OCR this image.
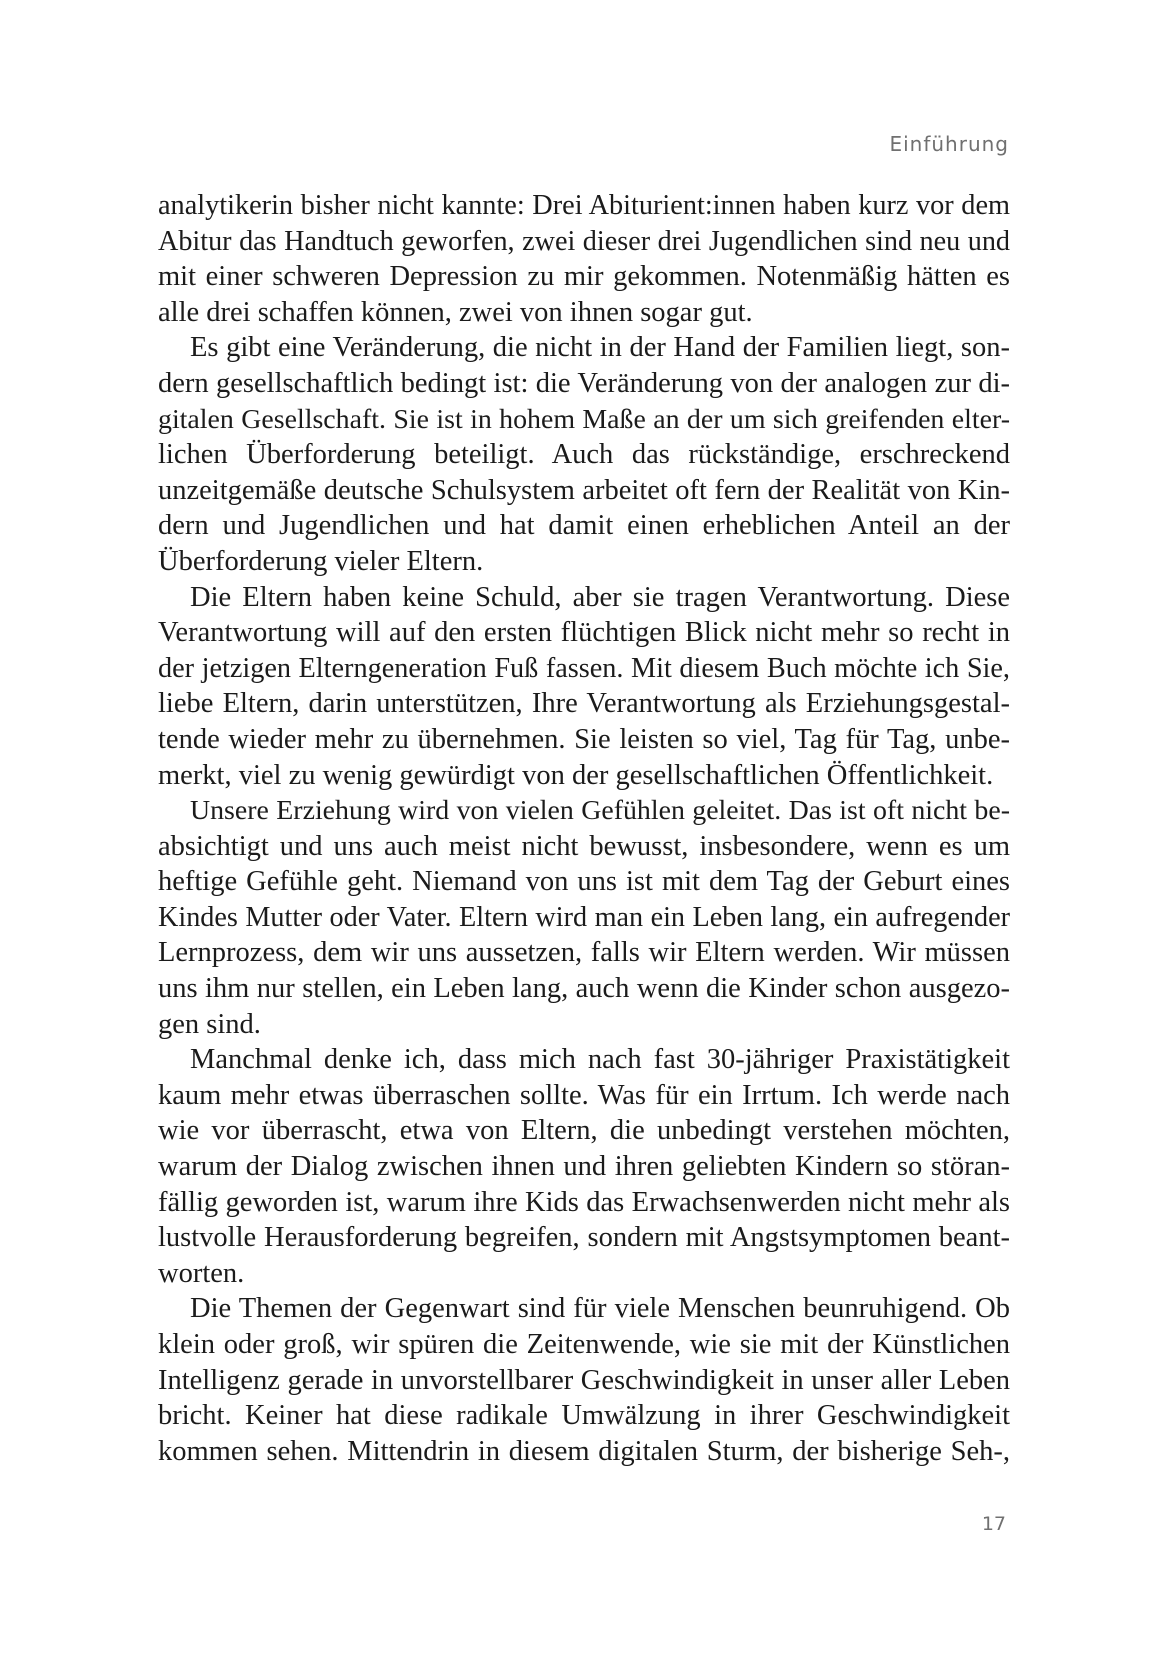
Einführung
analytikerin bisher nicht kannte: Drei Abiturient:innen haben kurz vor dem
Abitur das Handtuch geworfen, zwei dieser drei Jugendlichen sind neu und
mit einer schweren Depression zu mir gekommen. Notenmäßig hätten es
alle drei schaffen können, zwei von ihnen sogar gut.
Es gibt eine Veränderung, die nicht in der Hand der Familien liegt, son-
dern gesellschaftlich bedingt ist: die Veränderung von der analogen zur di-
gitalen Gesellschaft. Sie ist in hohem Maße an der um sich greifenden elter-
lichen Überforderung beteiligt. Auch das rückständige, erschreckend
unzeitgemäße deutsche Schulsystem arbeitet oft fern der Realität von Kin-
dern und Jugendlichen und hat damit einen erheblichen Anteil an der
Überforderung vieler Eltern.
Die Eltern haben keine Schuld, aber sie tragen Verantwortung. Diese
Verantwortung will auf den ersten flüchtigen Blick nicht mehr so recht in
der jetzigen Elterngeneration Fuß fassen. Mit diesem Buch möchte ich Sie,
liebe Eltern, darin unterstützen, Ihre Verantwortung als Erziehungsgestal-
tende wieder mehr zu übernehmen. Sie leisten so viel, Tag für Tag, unbe-
merkt, viel zu wenig gewürdigt von der gesellschaftlichen Öffentlichkeit.
Unsere Erziehung wird von vielen Gefühlen geleitet. Das ist oft nicht be-
absichtigt und uns auch meist nicht bewusst, insbesondere, wenn es um
heftige Gefühle geht. Niemand von uns ist mit dem Tag der Geburt eines
Kindes Mutter oder Vater. Eltern wird man ein Leben lang, ein aufregender
Lernprozess, dem wir uns aussetzen, falls wir Eltern werden. Wir müssen
uns ihm nur stellen, ein Leben lang, auch wenn die Kinder schon ausgezo-
gen sind.
Manchmal denke ich, dass mich nach fast 30-jähriger Praxistätigkeit
kaum mehr etwas überraschen sollte. Was für ein Irrtum. Ich werde nach
wie vor überrascht, etwa von Eltern, die unbedingt verstehen möchten,
warum der Dialog zwischen ihnen und ihren geliebten Kindern so störan-
fällig geworden ist, warum ihre Kids das Erwachsenwerden nicht mehr als
lustvolle Herausforderung begreifen, sondern mit Angstsymptomen beant-
worten.
Die Themen der Gegenwart sind für viele Menschen beunruhigend. Ob
klein oder groß, wir spüren die Zeitenwende, wie sie mit der Künstlichen
Intelligenz gerade in unvorstellbarer Geschwindigkeit in unser aller Leben
bricht. Keiner hat diese radikale Umwälzung in ihrer Geschwindigkeit
kommen sehen. Mittendrin in diesem digitalen Sturm, der bisherige Seh-,
17
